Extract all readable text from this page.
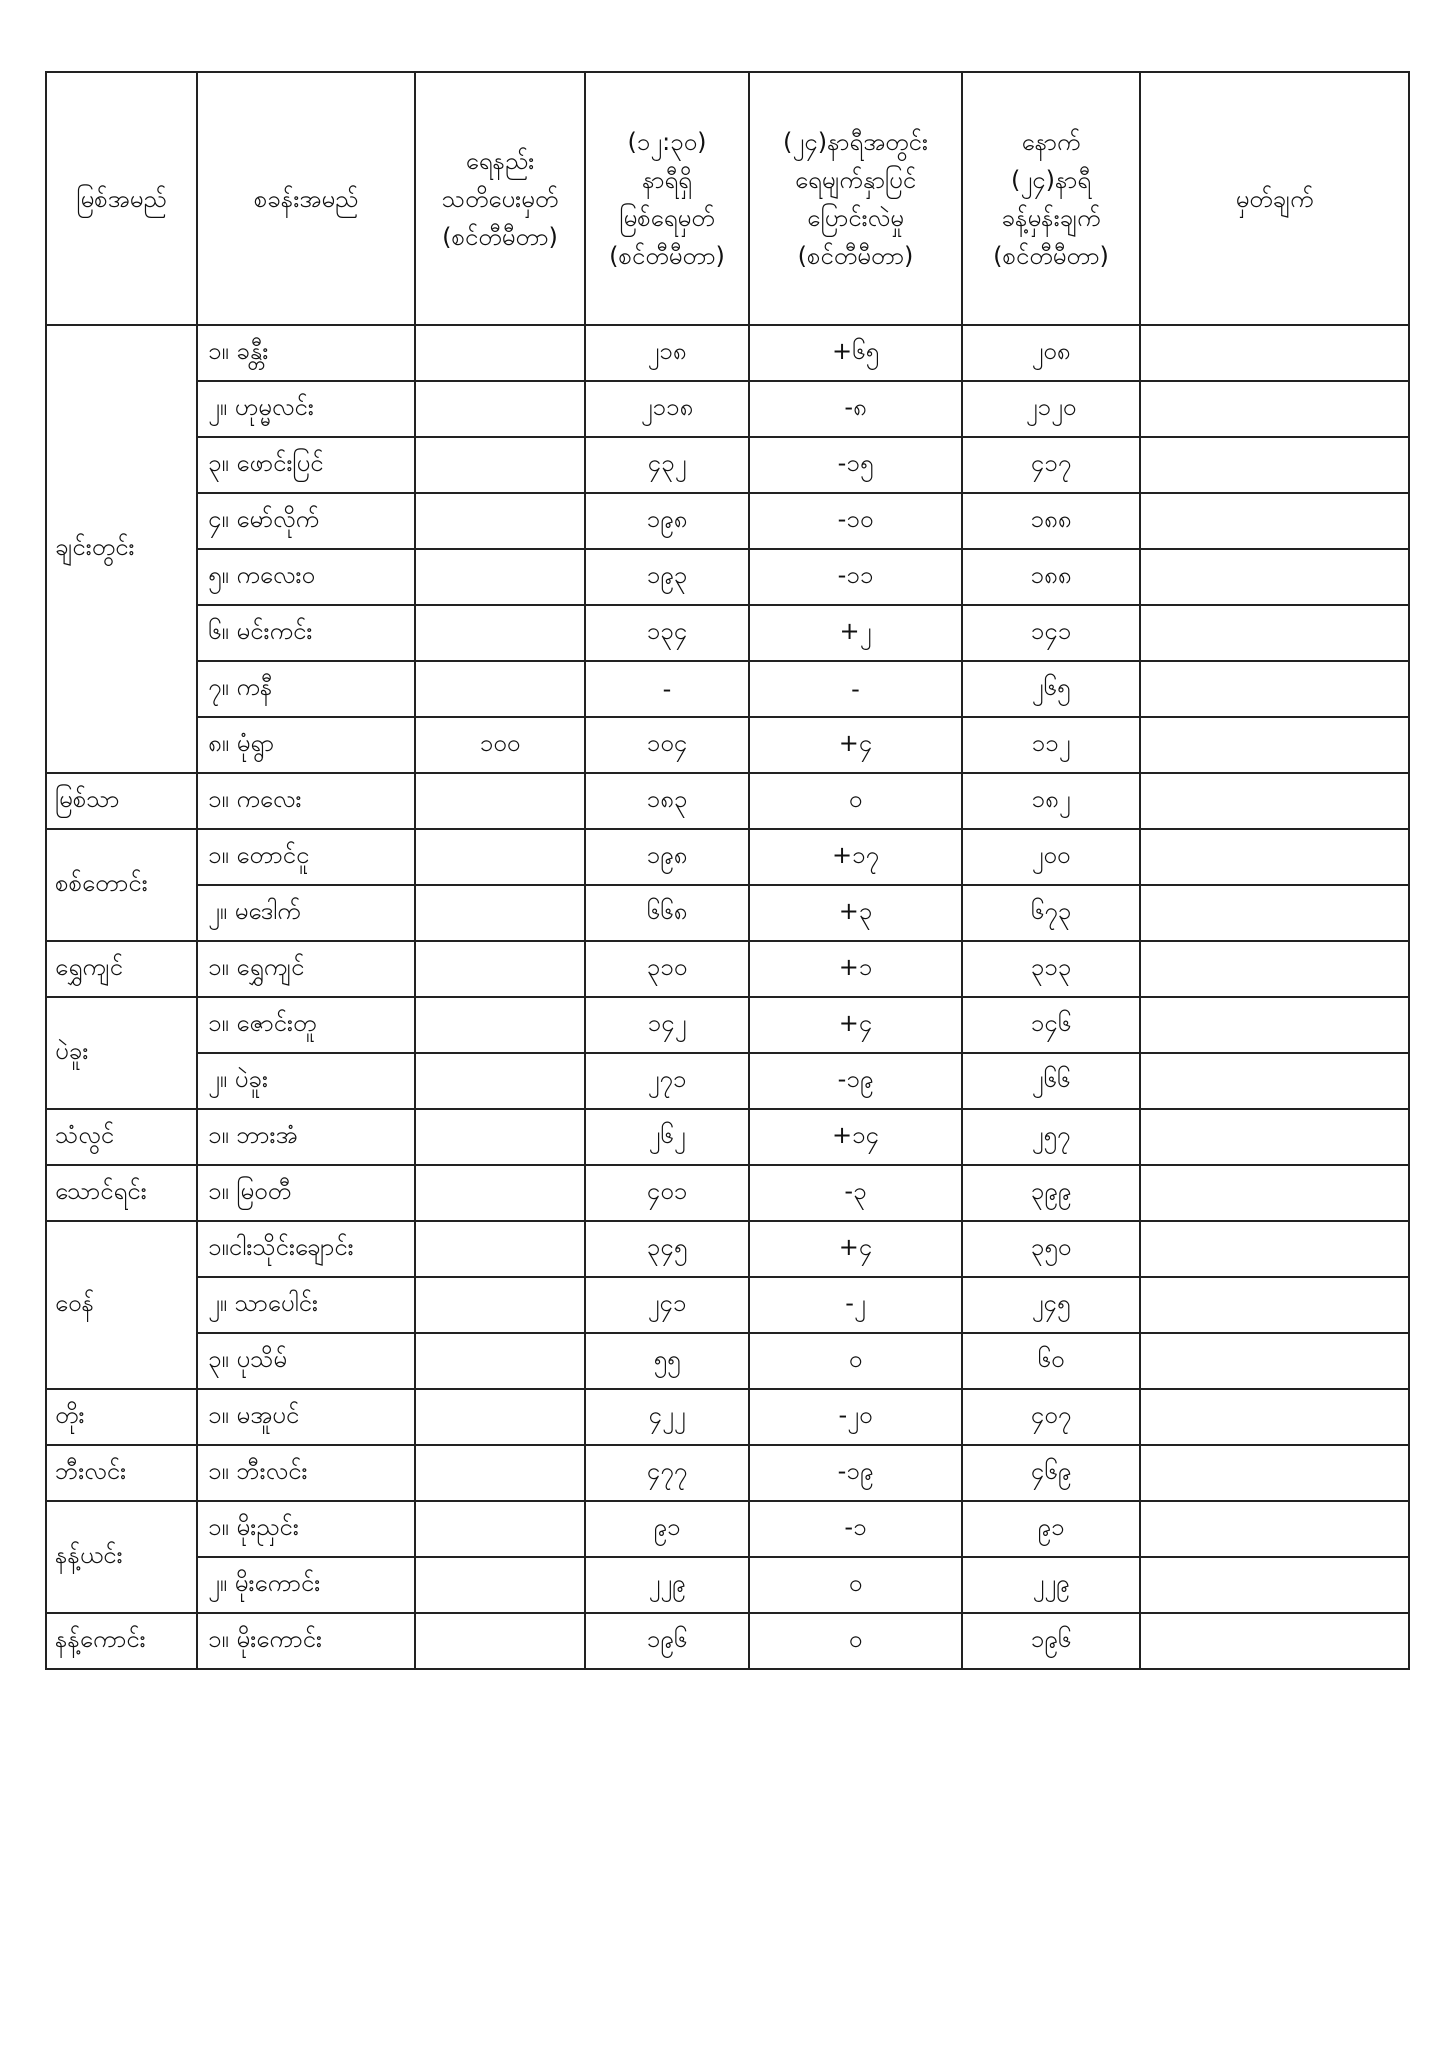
မြစ်အမည်	စခန်းအမည်	ရေနည်း
သတိပေးမှတ်
(စင်တီမီတာ)	(၁၂:၃၀)
နာရီရှိ
မြစ်ရေမှတ်
(စင်တီမီတာ)	(၂၄)နာရီအတွင်း
ရေမျက်နှာပြင်
ပြောင်းလဲမှု
(စင်တီမီတာ)	နောက်
(၂၄)နာရီ
ခန့်မှန်းချက်
(စင်တီမီတာ)	မှတ်ချက်

ချင်းတွင်း	၁။ ခန္တီး		၂၁၈	+၆၅	၂၀၈	
	၂။ ဟုမ္မလင်း		၂၁၁၈	-၈	၂၁၂၀	
	၃။ ဖောင်းပြင်		၄၃၂	-၁၅	၄၁၇	
	၄။ မော်လိုက်		၁၉၈	-၁၀	၁၈၈	
	၅။ ကလေးဝ		၁၉၃	-၁၁	၁၈၈	
	၆။ မင်းကင်း		၁၃၄	+၂	၁၄၁	
	၇။ ကနီ		-	-	၂၆၅	
	၈။ မုံရွာ	၁၀၀	၁၀၄	+၄	၁၁၂	
မြစ်သာ	၁။ ကလေး		၁၈၃	၀	၁၈၂	
စစ်တောင်း	၁။ တောင်ငူ		၁၉၈	+၁၇	၂၀၀	
	၂။ မဒေါက်		၆၆၈	+၃	၆၇၃	
ရွှေကျင်	၁။ ရွှေကျင်		၃၁၀	+၁	၃၁၃	
ပဲခူး	၁။ ဇောင်းတူ		၁၄၂	+၄	၁၄၆	
	၂။ ပဲခူး		၂၇၁	-၁၉	၂၆၆	
သံလွင်	၁။ ဘားအံ		၂၆၂	+၁၄	၂၅၇	
သောင်ရင်း	၁။ မြဝတီ		၄၀၁	-၃	၃၉၉	
ဝေန်	၁။ငါးသိုင်းချောင်း		၃၄၅	+၄	၃၅၀	
	၂။ သာပေါင်း		၂၄၁	-၂	၂၄၅	
	၃။ ပုသိမ်		၅၅	၀	၆၀	
တိုး	၁။ မအူပင်		၄၂၂	-၂၀	၄၀၇	
ဘီးလင်း	၁။ ဘီးလင်း		၄၇၇	-၁၉	၄၆၉	
နန့်ယင်း	၁။ မိုးညှင်း		၉၁	-၁	၉၁	
	၂။ မိုးကောင်း		၂၂၉	၀	၂၂၉	
နန့်ကောင်း	၁။ မိုးကောင်း		၁၉၆	၀	၁၉၆	
